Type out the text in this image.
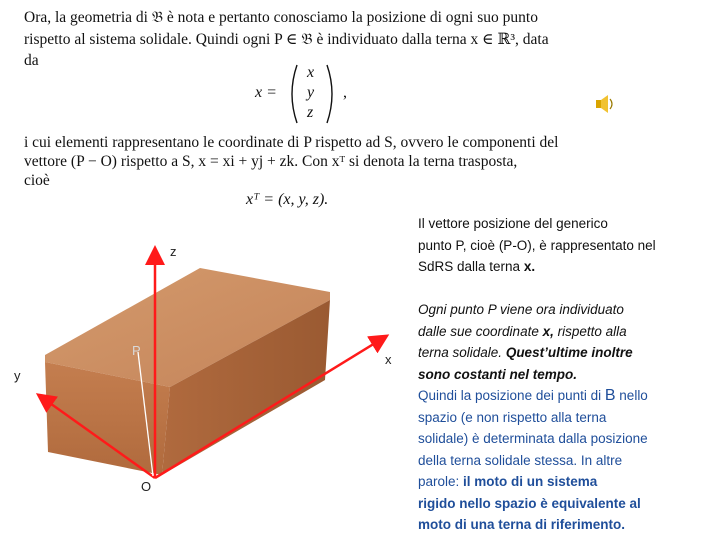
Ora, la geometria di 𝔅 è nota e pertanto conosciamo la posizione di ogni suo punto
rispetto al sistema solidale. Quindi ogni P ∈ 𝔅 è individuato dalla terna x ∈ ℝ³, data
da
x =
x
y
z
,
i cui elementi rappresentano le coordinate di P rispetto ad S, ovvero le componenti del
vettore (P − O) rispetto a S, x = xi + yj + zk. Con xᵀ si denota la terna trasposta,
cioè
xᵀ = (x, y, z).
z
x
y
P
O
Il vettore posizione del generico
punto P, cioè (P-O), è rappresentato nel
SdRS dalla terna x.
Ogni punto P viene ora individuato
dalle sue coordinate x, rispetto alla
terna solidale. Quest’ultime inoltre
sono costanti nel tempo.
Quindi la posizione dei punti di B nello
spazio (e non rispetto alla terna
solidale) è determinata dalla posizione
della terna solidale stessa. In altre
parole: il moto di un sistema
rigido nello spazio è equivalente al
moto di una terna di riferimento.
